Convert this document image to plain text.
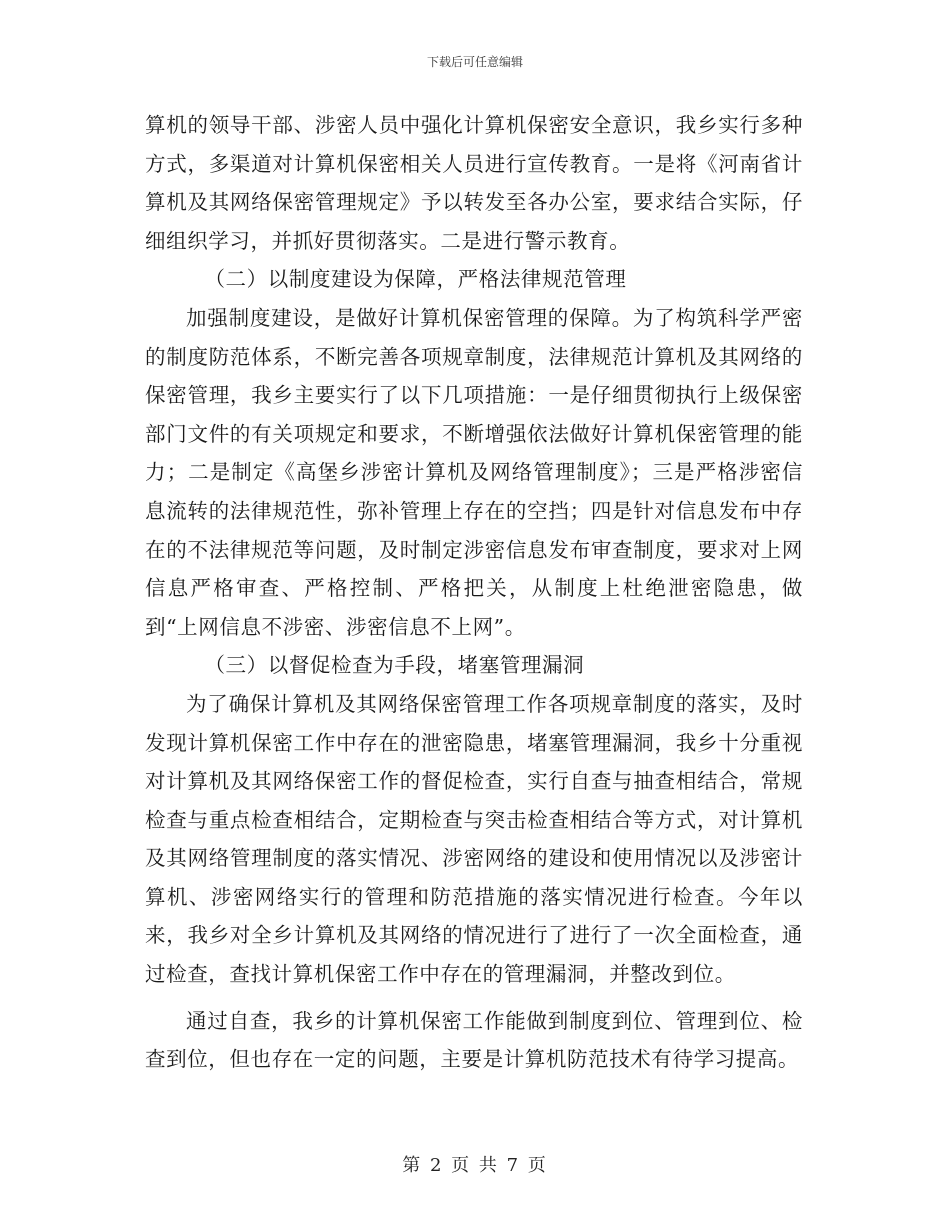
下载后可任意编辑

算机的领导干部、涉密人员中强化计算机保密安全意识，我乡实行多种方式，多渠道对计算机保密相关人员进行宣传教育。一是将《河南省计算机及其网络保密管理规定》予以转发至各办公室，要求结合实际，仔细组织学习，并抓好贯彻落实。二是进行警示教育。

（二）以制度建设为保障，严格法律规范管理

加强制度建设，是做好计算机保密管理的保障。为了构筑科学严密的制度防范体系，不断完善各项规章制度，法律规范计算机及其网络的保密管理，我乡主要实行了以下几项措施：一是仔细贯彻执行上级保密部门文件的有关项规定和要求，不断增强依法做好计算机保密管理的能力；二是制定《高堡乡涉密计算机及网络管理制度》；三是严格涉密信息流转的法律规范性，弥补管理上存在的空挡；四是针对信息发布中存在的不法律规范等问题，及时制定涉密信息发布审查制度，要求对上网信息严格审查、严格控制、严格把关，从制度上杜绝泄密隐患，做到“上网信息不涉密、涉密信息不上网”。

（三）以督促检查为手段，堵塞管理漏洞

为了确保计算机及其网络保密管理工作各项规章制度的落实，及时发现计算机保密工作中存在的泄密隐患，堵塞管理漏洞，我乡十分重视对计算机及其网络保密工作的督促检查，实行自查与抽查相结合，常规检查与重点检查相结合，定期检查与突击检查相结合等方式，对计算机及其网络管理制度的落实情况、涉密网络的建设和使用情况以及涉密计算机、涉密网络实行的管理和防范措施的落实情况进行检查。今年以来，我乡对全乡计算机及其网络的情况进行了进行了一次全面检查，通过检查，查找计算机保密工作中存在的管理漏洞，并整改到位。

通过自查，我乡的计算机保密工作能做到制度到位、管理到位、检查到位，但也存在一定的问题，主要是计算机防范技术有待学习提高。

第 2 页 共 7 页
